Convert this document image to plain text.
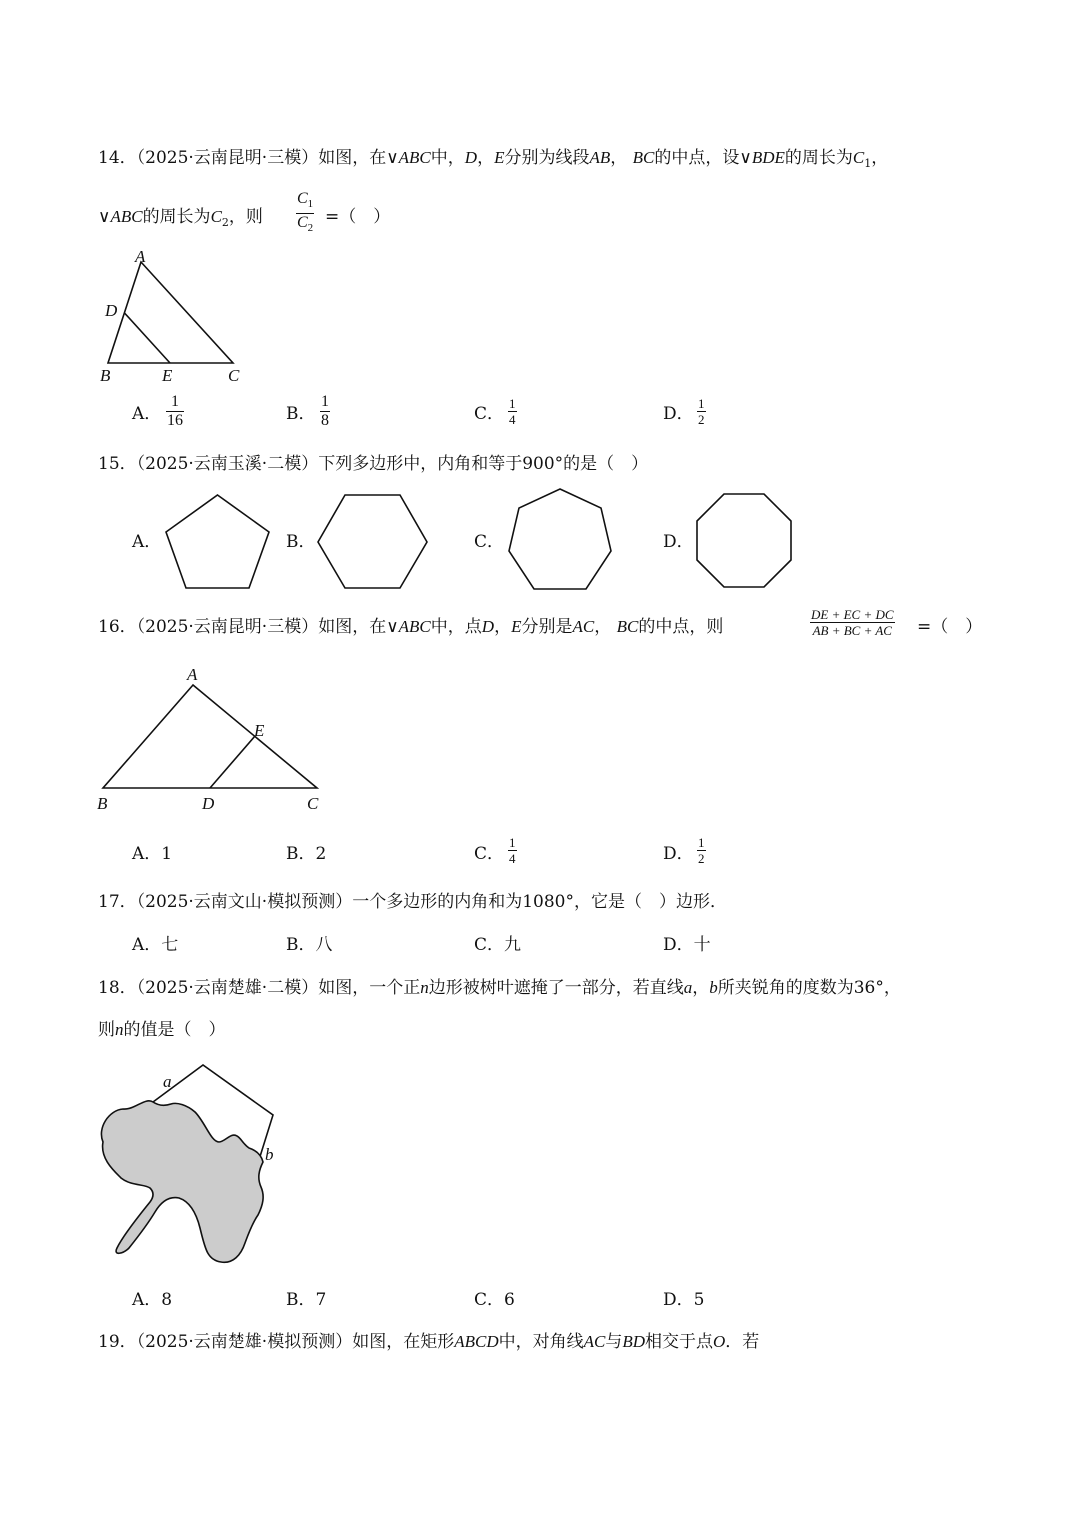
14．（2025·云南昆明·三模）如图，在∨ABC中，D，E分别为线段AB， BC的中点，设∨BDE的周长为$C_1$，
∨ABC的周长为$C_2$，则
$C_1$
$C_2$
=（　）
A
D
B	E	C
A．
1
16	B．
1
8	C．
1
4	D．
1
2
15．（2025·云南玉溪·二模）下列多边形中，内角和等于900°的是（　）
A．	B．	C．	D．
16．（2025·云南昆明·三模）如图，在∨ABC中，点D，E分别是AC， BC的中点，则
DE + EC + DC
AB + BC + AC =（　）
A
E
B	D	C
A．1	B．2	C．
1
4	D．
1
2
17．（2025·云南文山·模拟预测）一个多边形的内角和为1080°，它是（　）边形．
A．七	B．八	C．九	D．十
18．（2025·云南楚雄·二模）如图，一个正n边形被树叶遮掩了一部分，若直线a，b所夹锐角的度数为36°，
则n的值是（　）
a
b
A．8	B．7	C．6	D．5
19．（2025·云南楚雄·模拟预测）如图，在矩形ABCD中，对角线AC与BD相交于点O．若
